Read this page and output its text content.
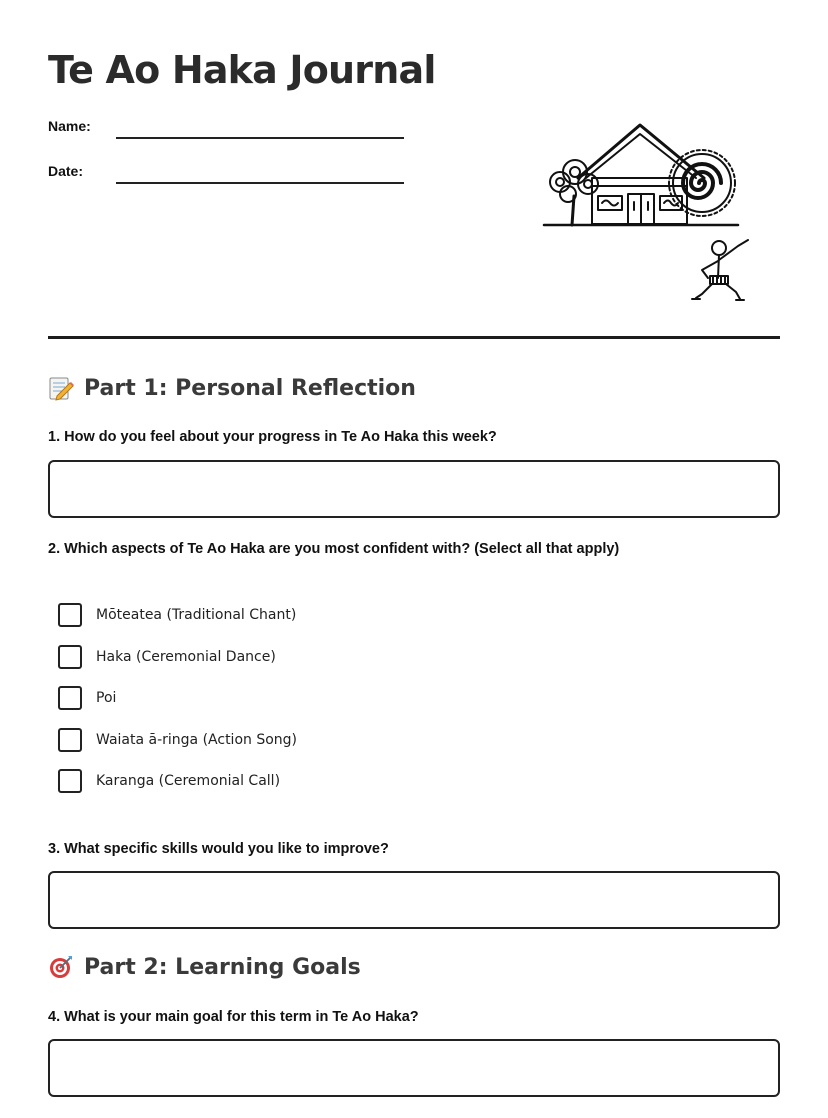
Te Ao Haka Journal
Name:
Date:
Part 1: Personal Reflection

1. How do you feel about your progress in Te Ao Haka this week?

2. Which aspects of Te Ao Haka are you most confident with? (Select all that apply)

Mōteatea (Traditional Chant)
Haka (Ceremonial Dance)
Poi
Waiata ā-ringa (Action Song)
Karanga (Ceremonial Call)

3. What specific skills would you like to improve?

Part 2: Learning Goals

4. What is your main goal for this term in Te Ao Haka?
